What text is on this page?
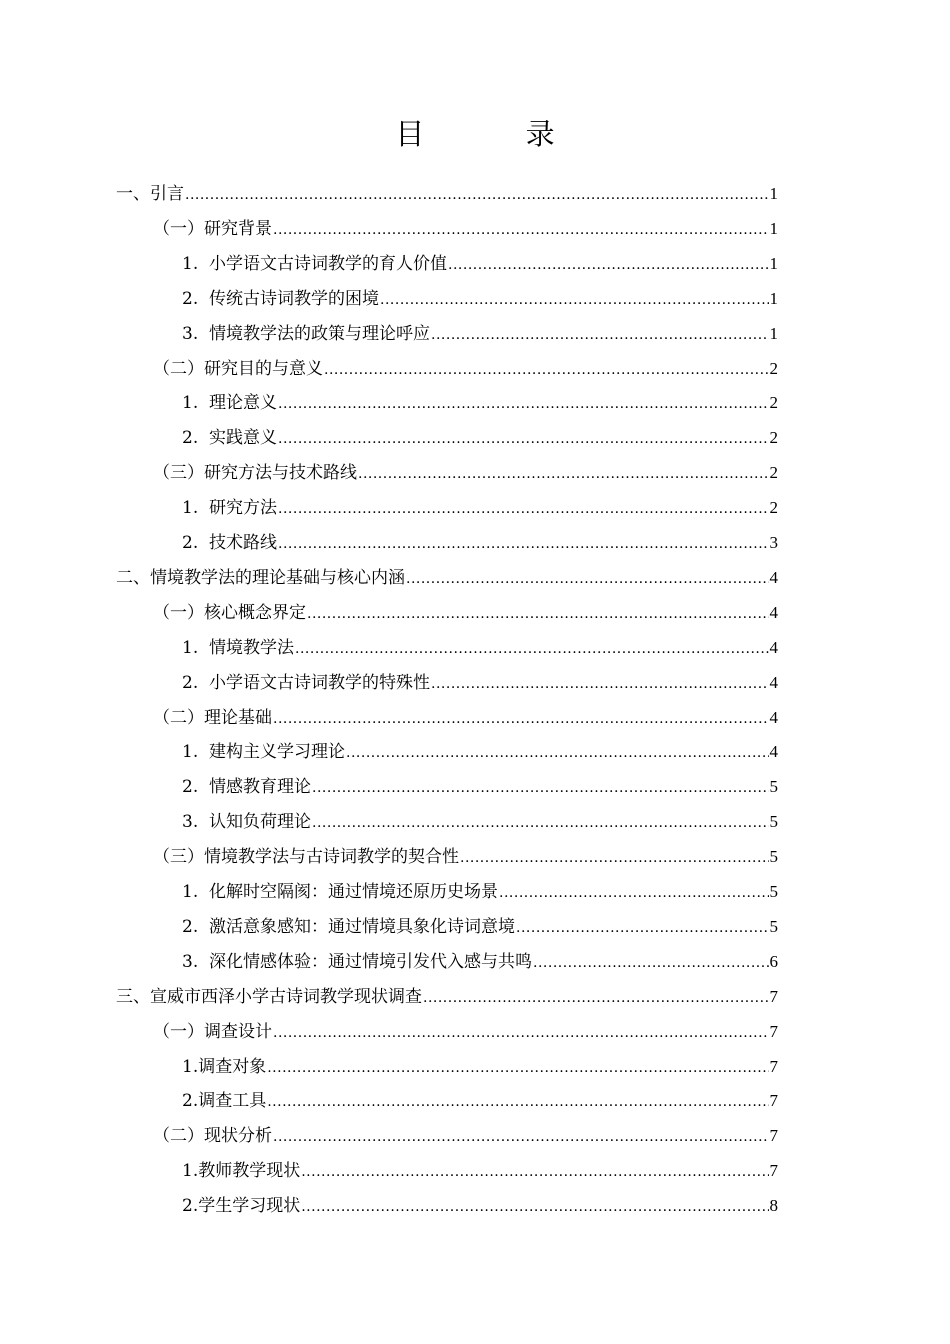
目 录
一、 引言 .....	1
（一） 研究背景 .....	1
1. 小学语文古诗词教学的育人价值 .....	1
2. 传统古诗词教学的困境 .....	1
3. 情境教学法的政策与理论呼应 .....	1
（二） 研究目的与意义 .....	2
1. 理论意义 .....	2
2. 实践意义 .....	2
（三） 研究方法与技术路线 .....	2
1. 研究方法 .....	2
2. 技术路线 .....	3
二、 情境教学法的理论基础与核心内涵 .....	4
（一） 核心概念界定 .....	4
1. 情境教学法 .....	4
2. 小学语文古诗词教学的特殊性 .....	4
（二） 理论基础 .....	4
1. 建构主义学习理论 .....	4
2. 情感教育理论 .....	5
3. 认知负荷理论 .....	5
（三） 情境教学法与古诗词教学的契合性 .....	5
1. 化解时空隔阂：通过情境还原历史场景 .....	5
2. 激活意象感知：通过情境具象化诗词意境 .....	5
3. 深化情感体验：通过情境引发代入感与共鸣 .....	6
三、 宣威市西泽小学古诗词教学现状调查 .....	7
（一） 调查设计 .....	7
1. 调查对象 .....	7
2. 调查工具 .....	7
（二） 现状分析 .....	7
1. 教师教学现状 .....	7
2. 学生学习现状 .....	8
